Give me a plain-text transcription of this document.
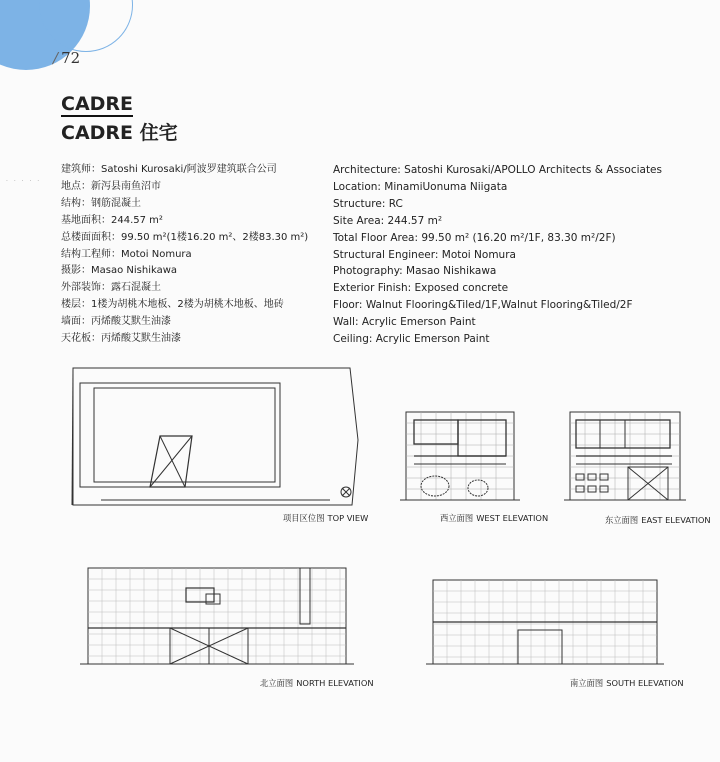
/ 72
CADRE
CADRE 住宅
· · · · ·
建筑师：Satoshi Kurosaki/阿波罗建筑联合公司
地点：新泻县南鱼沼市
结构：钢筋混凝土
基地面积：244.57 m²
总楼面面积：99.50 m²(1楼16.20 m²、2楼83.30 m²)
结构工程师：Motoi Nomura
摄影：Masao Nishikawa
外部装饰：露石混凝土
楼层：1楼为胡桃木地板、2楼为胡桃木地板、地砖
墙面：丙烯酸艾默生油漆
天花板：丙烯酸艾默生油漆
Architecture: Satoshi Kurosaki/APOLLO Architects & Associates
Location: MinamiUonuma Niigata
Structure: RC
Site Area: 244.57 m²
Total Floor Area: 99.50 m² (16.20 m²/1F, 83.30 m²/2F)
Structural Engineer: Motoi Nomura
Photography: Masao Nishikawa
Exterior Finish: Exposed concrete
Floor: Walnut Flooring&Tiled/1F,Walnut Flooring&Tiled/2F
Wall: Acrylic Emerson Paint
Ceiling: Acrylic Emerson Paint
项目区位图 TOP VIEW	西立面图 WEST ELEVATION	东立面图 EAST ELEVATION
北立面图 NORTH ELEVATION	南立面图 SOUTH ELEVATION
